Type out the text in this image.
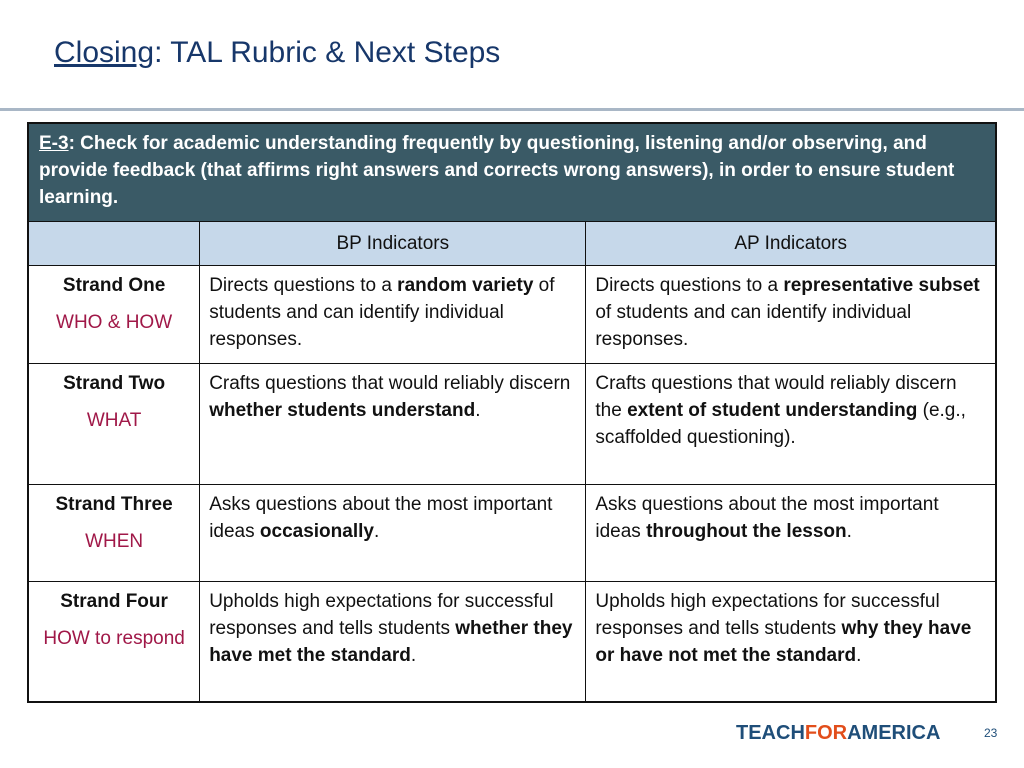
Closing: TAL Rubric & Next Steps
E-3: Check for academic understanding frequently by questioning, listening and/or observing, and provide feedback (that affirms right answers and corrects wrong answers), in order to ensure student learning.		
	BP Indicators	AP Indicators

Strand One
WHO & HOW	Directs questions to a random variety of students and can identify individual responses.	Directs questions to a representative subset of students and can identify individual responses.

Strand Two
WHAT	Crafts questions that would reliably discern whether students understand.	Crafts questions that would reliably discern the extent of student understanding (e.g., scaffolded questioning).

Strand Three
WHEN	Asks questions about the most important ideas occasionally.	Asks questions about the most important ideas throughout the lesson.

Strand Four
HOW to respond	Upholds high expectations for successful responses and tells students whether they have met the standard.	Upholds high expectations for successful responses and tells students why they have or have not met the standard.
TEACHFORAMERICA	23
